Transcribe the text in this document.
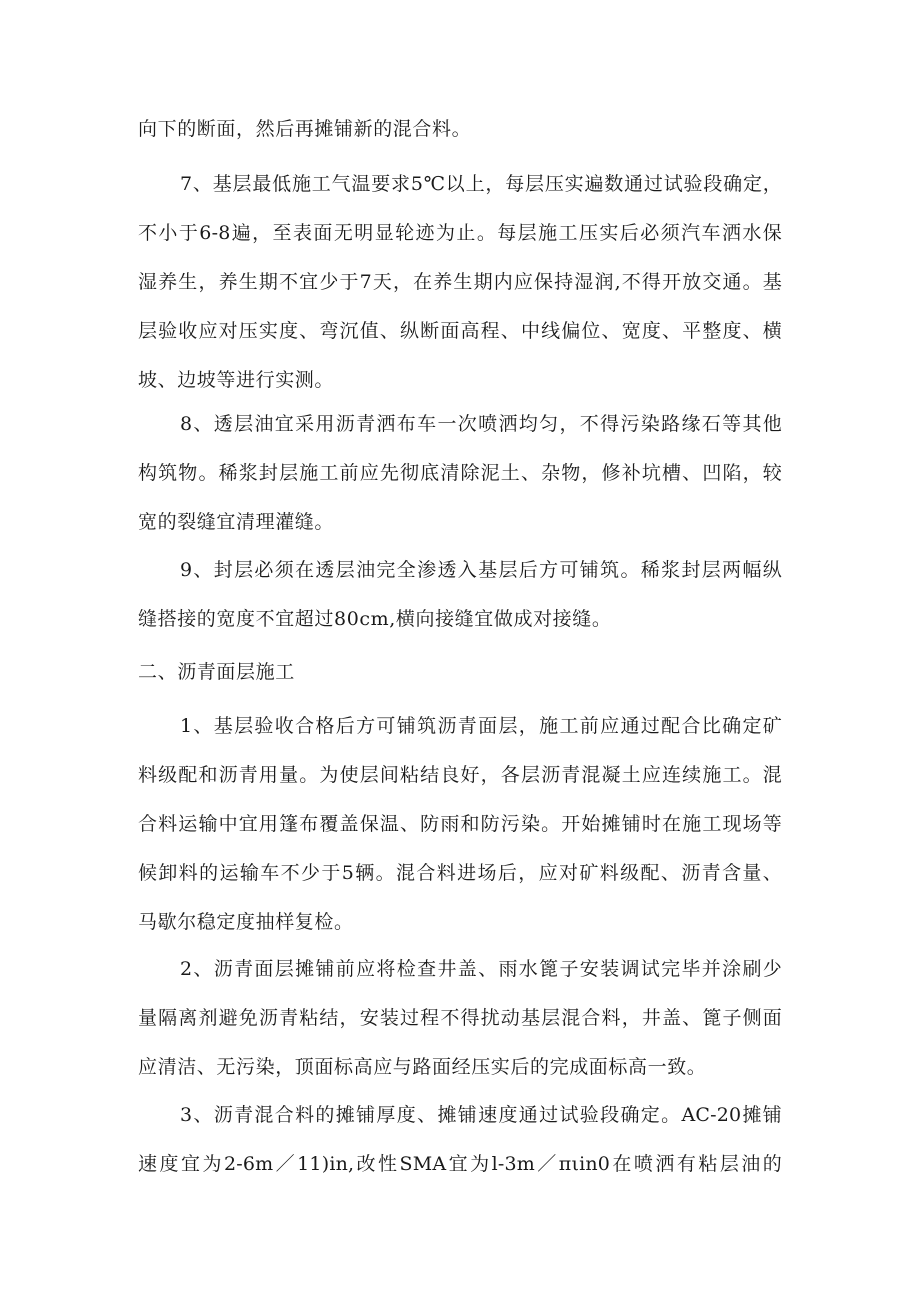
向下的断面，然后再摊铺新的混合料。
7、基层最低施工气温要求5℃以上，每层压实遍数通过试验段确定，
不小于6-8遍，至表面无明显轮迹为止。每层施工压实后必须汽车洒水保
湿养生，养生期不宜少于7天，在养生期内应保持湿润,不得开放交通。基
层验收应对压实度、弯沉值、纵断面高程、中线偏位、宽度、平整度、横
坡、边坡等进行实测。
8、透层油宜采用沥青洒布车一次喷洒均匀，不得污染路缘石等其他
构筑物。稀浆封层施工前应先彻底清除泥土、杂物，修补坑槽、凹陷，较
宽的裂缝宜清理灌缝。
9、封层必须在透层油完全渗透入基层后方可铺筑。稀浆封层两幅纵
缝搭接的宽度不宜超过80cm,横向接缝宜做成对接缝。
二、沥青面层施工
1、基层验收合格后方可铺筑沥青面层，施工前应通过配合比确定矿
料级配和沥青用量。为使层间粘结良好，各层沥青混凝土应连续施工。混
合料运输中宜用篷布覆盖保温、防雨和防污染。开始摊铺时在施工现场等
候卸料的运输车不少于5辆。混合料进场后，应对矿料级配、沥青含量、
马歇尔稳定度抽样复检。
2、沥青面层摊铺前应将检查井盖、雨水篦子安装调试完毕并涂刷少
量隔离剂避免沥青粘结，安装过程不得扰动基层混合料，井盖、篦子侧面
应清洁、无污染，顶面标高应与路面经压实后的完成面标高一致。
3、沥青混合料的摊铺厚度、摊铺速度通过试验段确定。AC-20摊铺
速度宜为2-6m／11)in,改性SMA宜为l-3m／πιin0在喷洒有粘层油的
